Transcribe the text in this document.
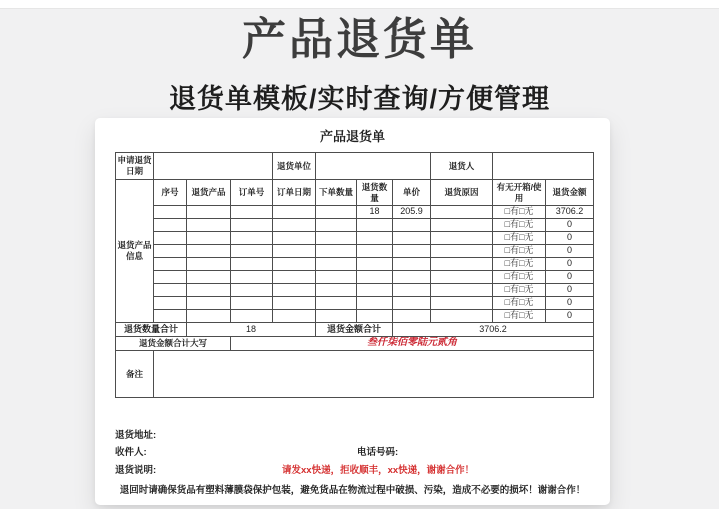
产品退货单
退货单模板/实时查询/方便管理
产品退货单
申请退货日期				退货单位				退货人		
退货产品信息	序号	退货产品	订单号	订单日期	下单数量	退货数量	单价	退货原因	有无开箱/使用	退货金额
						18	205.9		□有□无	3706.2
									□有□无	0
									□有□无	0
									□有□无	0
									□有□无	0
									□有□无	0
									□有□无	0
									□有□无	0
									□有□无	0
退货数量合计		18			退货金额合计		3706.2			
退货金额合计大写			叁仟柒佰零陆元贰角							
备注										
退货地址:
收件人:	电话号码:
退货说明:	请发xx快递，拒收顺丰，xx快递，谢谢合作！
退回时请确保货品有塑料薄膜袋保护包装，避免货品在物流过程中破损、污染，造成不必要的损坏！谢谢合作！
